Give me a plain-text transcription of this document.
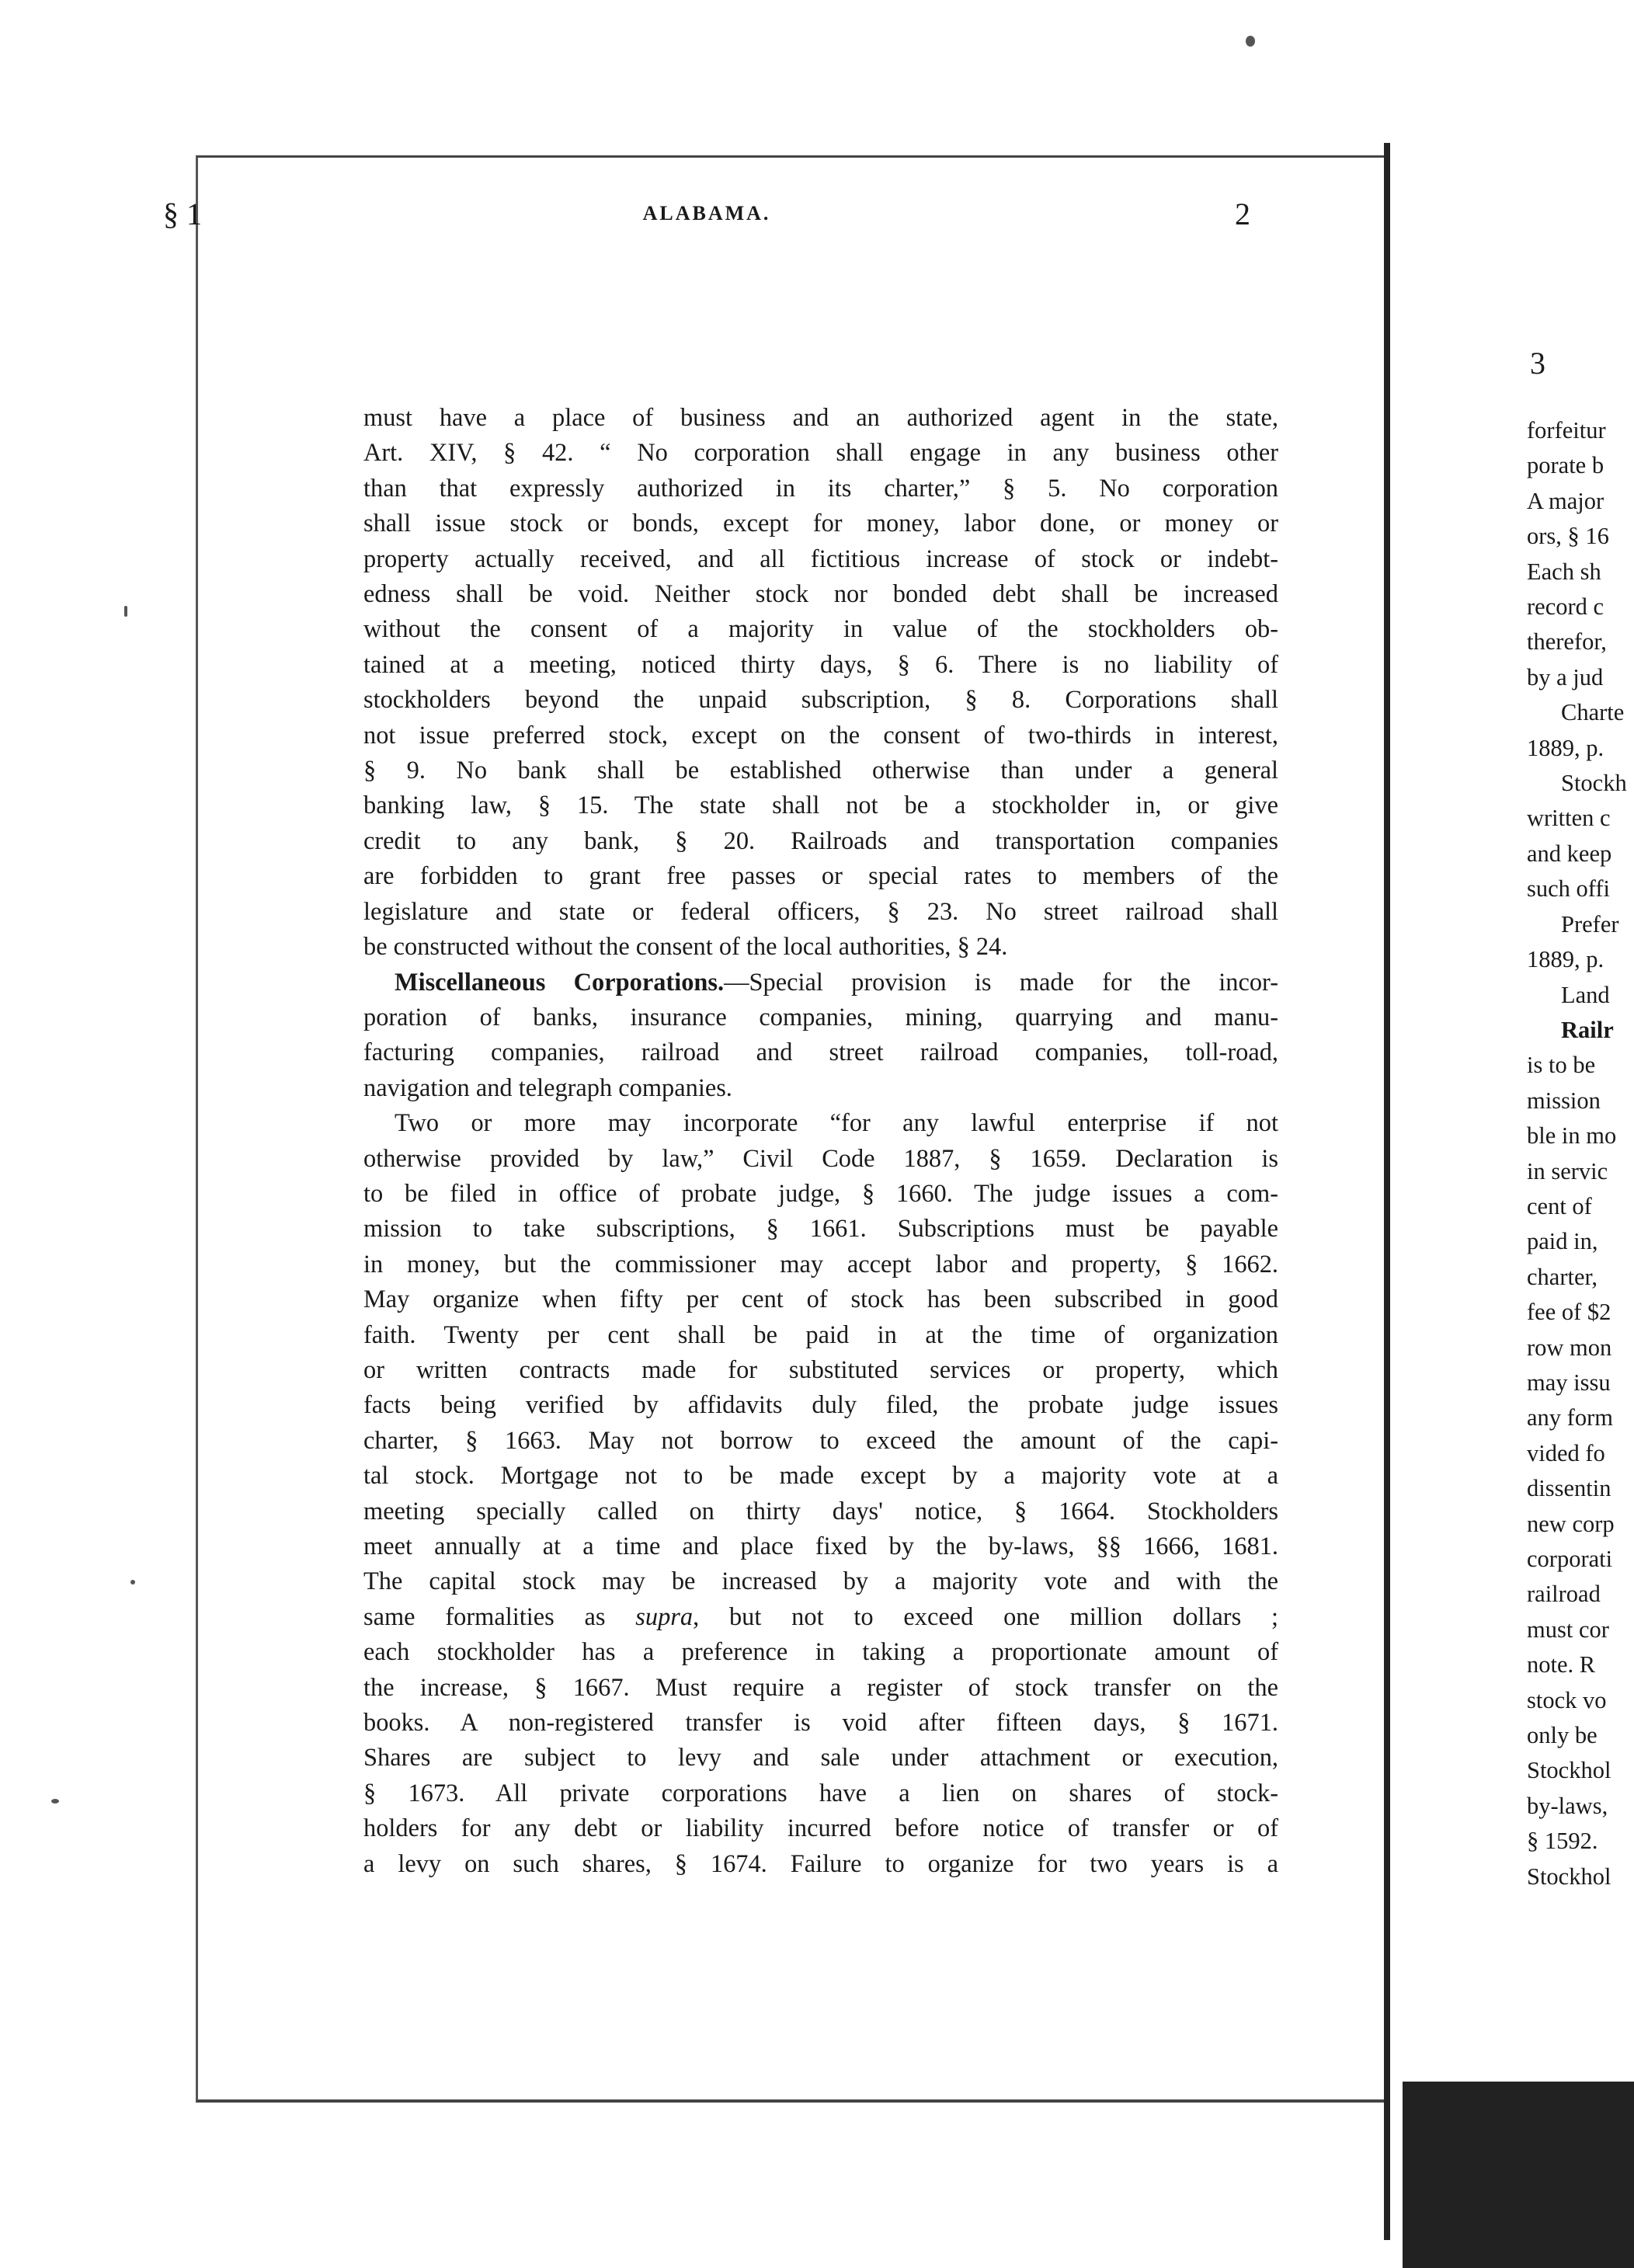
§ 1	ALABAMA.	2
must have a place of business and an authorized agent in the state,
Art. XIV, § 42. “ No corporation shall engage in any business other
than that expressly authorized in its charter,” § 5. No corporation
shall issue stock or bonds, except for money, labor done, or money or
property actually received, and all fictitious increase of stock or indebt-
edness shall be void. Neither stock nor bonded debt shall be increased
without the consent of a majority in value of the stockholders ob-
tained at a meeting, noticed thirty days, § 6. There is no liability of
stockholders beyond the unpaid subscription, § 8. Corporations shall
not issue preferred stock, except on the consent of two-thirds in interest,
§ 9. No bank shall be established otherwise than under a general
banking law, § 15. The state shall not be a stockholder in, or give
credit to any bank, § 20. Railroads and transportation companies
are forbidden to grant free passes or special rates to members of the
legislature and state or federal officers, § 23. No street railroad shall
be constructed without the consent of the local authorities, § 24.
Miscellaneous Corporations.—Special provision is made for the incor-
poration of banks, insurance companies, mining, quarrying and manu-
facturing companies, railroad and street railroad companies, toll-road,
navigation and telegraph companies.
Two or more may incorporate “for any lawful enterprise if not
otherwise provided by law,” Civil Code 1887, § 1659. Declaration is
to be filed in office of probate judge, § 1660. The judge issues a com-
mission to take subscriptions, § 1661. Subscriptions must be payable
in money, but the commissioner may accept labor and property, § 1662.
May organize when fifty per cent of stock has been subscribed in good
faith. Twenty per cent shall be paid in at the time of organization
or written contracts made for substituted services or property, which
facts being verified by affidavits duly filed, the probate judge issues
charter, § 1663. May not borrow to exceed the amount of the capi-
tal stock. Mortgage not to be made except by a majority vote at a
meeting specially called on thirty days' notice, § 1664. Stockholders
meet annually at a time and place fixed by the by-laws, §§ 1666, 1681.
The capital stock may be increased by a majority vote and with the
same formalities as supra, but not to exceed one million dollars ;
each stockholder has a preference in taking a proportionate amount of
the increase, § 1667. Must require a register of stock transfer on the
books. A non-registered transfer is void after fifteen days, § 1671.
Shares are subject to levy and sale under attachment or execution,
§ 1673. All private corporations have a lien on shares of stock-
holders for any debt or liability incurred before notice of transfer or of
a levy on such shares, § 1674. Failure to organize for two years is a
3
forfeitur
porate b
A major
ors, § 16
Each sh
record c
therefor,
by a jud
Charte
1889, p.
Stockh
written c
and keep
such offi
Prefer
1889, p.
Land
Railr
is to be
mission
ble in mo
in servic
cent of
paid in,
charter,
fee of $2
row mon
may issu
any form
vided fo
dissentin
new corp
corporati
railroad
must cor
note. R
stock vo
only be
Stockhol
by-laws,
§ 1592.
Stockhol
